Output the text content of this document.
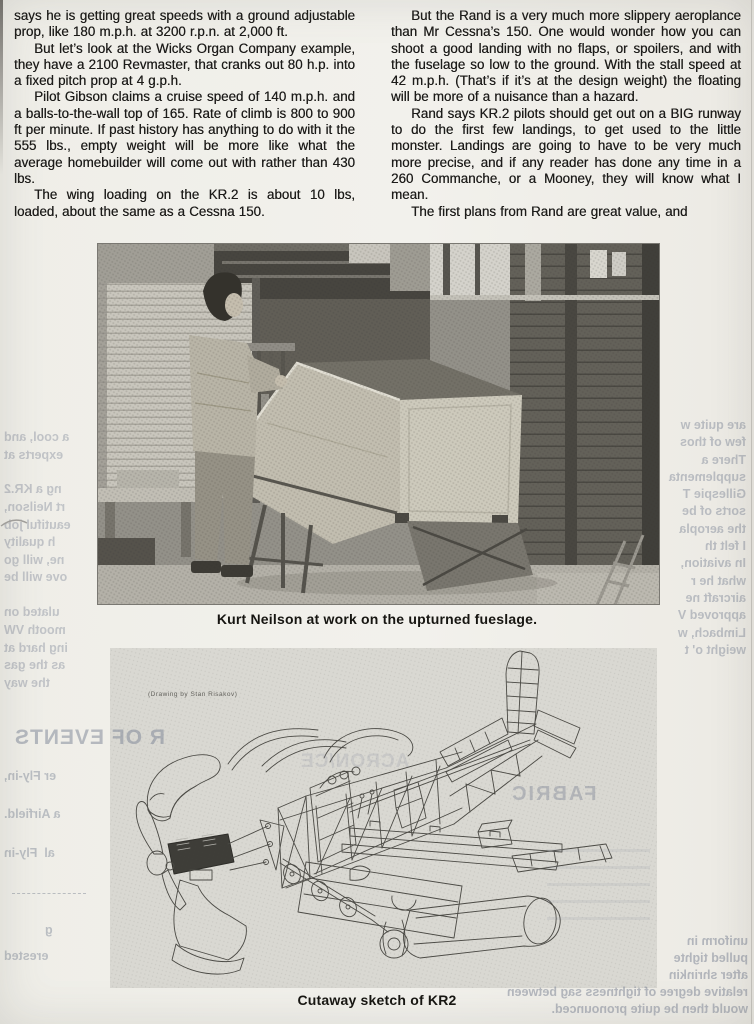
are quite w
few of thos
There a
supplementa
Gillespie T
sorts of be
the aeropla
I felt th
In aviation,
what he r
aircraft ne
approved V
Limbach, w
weight o' t
a cool, and
experts at
ng a KR.2
rt Neilson,
eautiful job
h quality
ne, will go
ove will be
ulated on
mooth VW
ing hard at
as the gas
the way
R OF EVENTS
FABRIC
er Fly-in,
a Airfield.
al  Fly-in
g
erested
uniform in
pulled tighte
after shrinkin
relative degree of tightness sag between
would then be quite pronounced.

says he is getting great speeds with a ground adjustable prop, like 180 m.p.h. at 3200 r.p.n. at 2,000 ft.

But let’s look at the Wicks Organ Company example, they have a 2100 Revmaster, that cranks out 80 h.p. into a fixed pitch prop at 4 g.p.h.

Pilot Gibson claims a cruise speed of 140 m.p.h. and a balls-to-the-wall top of 165. Rate of climb is 800 to 900 ft per minute. If past history has anything to do with it the 555 lbs., empty weight will be more like what the average homebuilder will come out with rather than 430 lbs.

The wing loading on the KR.2 is about 10 lbs, loaded, about the same as a Cessna 150.

But the Rand is a very much more slippery aeroplance than Mr Cessna’s 150. One would wonder how you can shoot a good landing with no flaps, or spoilers, and with the fuselage so low to the ground. With the stall speed at 42 m.p.h. (That’s if it’s at the design weight) the floating will be more of a nuisance than a hazard.

Rand says KR.2 pilots should get out on a BIG runway to do the first few landings, to get used to the little monster. Landings are going to have to be very much more precise, and if any reader has done any time in a 260 Commanche, or a Mooney, they will know what I mean.

The first plans from Rand are great value, and

Kurt Neilson at work on the upturned fueslage.
(Drawing by Stan Risakov)
Cutaway sketch of KR2
